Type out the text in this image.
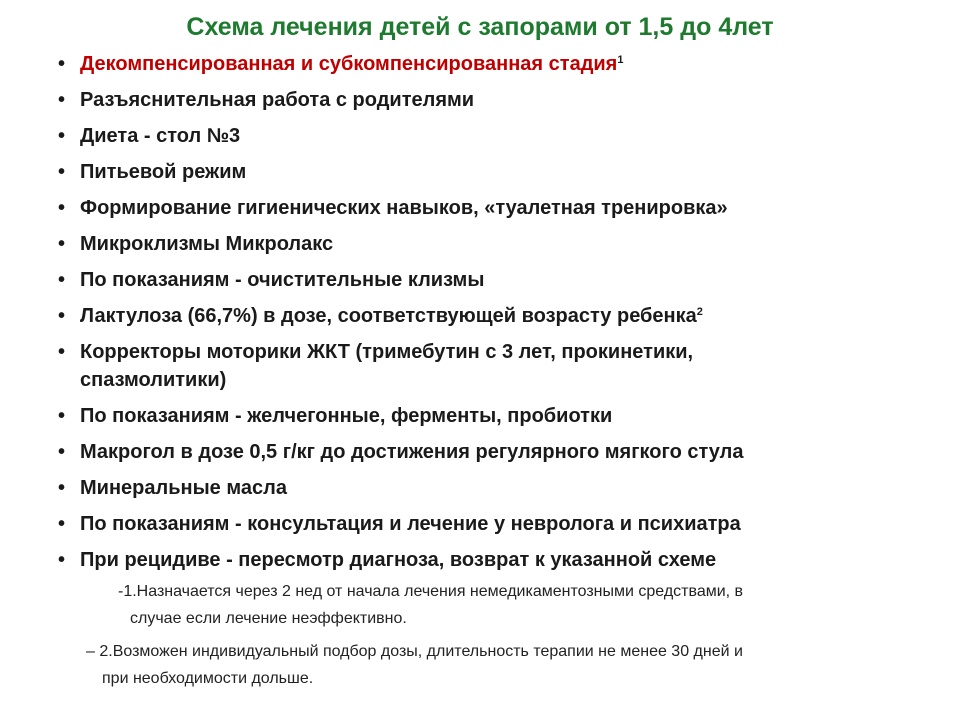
Схема лечения детей с запорами от 1,5 до 4лет
• Декомпенсированная и субкомпенсированная стадия$^1$
• Разъяснительная работа с родителями
• Диета - стол №3
• Питьевой режим
• Формирование гигиенических навыков, «туалетная тренировка»
• Микроклизмы Микролакс
• По показаниям - очистительные клизмы
• Лактулоза (66,7%) в дозе, соответствующей возрасту ребенка$^2$
• Корректоры моторики ЖКТ (тримебутин с 3 лет, прокинетики, спазмолитики)
• По показаниям - желчегонные, ферменты, пробиотки
• Макрогол в дозе 0,5 г/кг до достижения регулярного мягкого стула
• Минеральные масла
• По показаниям - консультация и лечение у невролога и психиатра
• При рецидиве - пересмотр диагноза, возврат к указанной схеме
-1.Назначается через 2 нед от начала лечения немедикаментозными средствами, в
случае если лечение неэффективно.
– 2.Возможен индивидуальный подбор дозы, длительность терапии не менее 30 дней и
при необходимости дольше.
